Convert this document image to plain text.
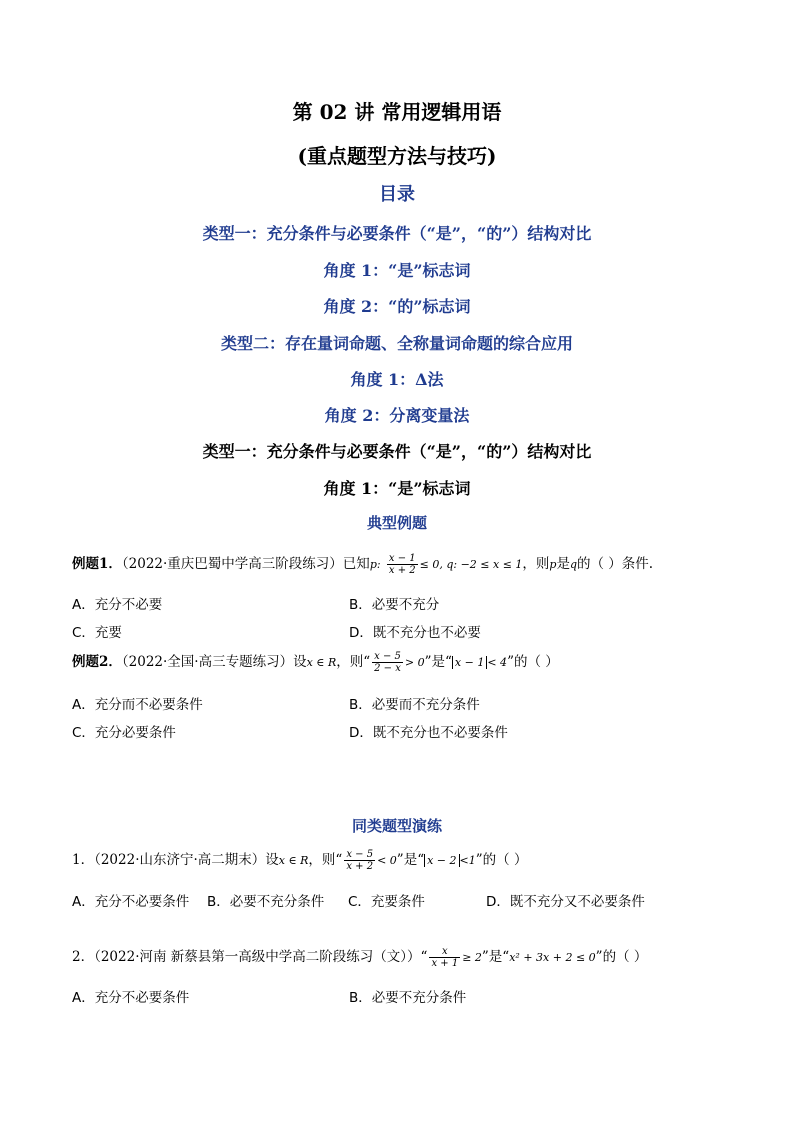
第 02 讲 常用逻辑用语
(重点题型方法与技巧)
目录
类型一：充分条件与必要条件（“是”，“的”）结构对比
角度 1：“是”标志词
角度 2：“的”标志词
类型二：存在量词命题、全称量词命题的综合应用
角度 1：Δ法
角度 2：分离变量法
类型一：充分条件与必要条件（“是”，“的”）结构对比
角度 1：“是”标志词
典型例题
例题1．（2022·重庆巴蜀中学高三阶段练习）已知p: $\frac{x - 1}{x + 2} \le 0$, q: −2 ≤ x ≤ 1，则p是q的（ ）条件.
A．充分不必要	B．必要不充分
C．充要	D．既不充分也不必要
例题2．（2022·全国·高三专题练习）设x ∈ R，则“ $\frac{x - 5}{2 - x} > 0$”是“ x − 1 < 4”的（ ）
A．充分而不必要条件	B．必要而不充分条件
C．充分必要条件	D．既不充分也不必要条件
同类题型演练
1．（2022·山东济宁·高二期末）设x ∈ R，则“ $\frac{x - 5}{x + 2} < 0$”是“ x − 2 <1”的（ ）
A．充分不必要条件 B．必要不充分条件 C．充要条件	D．既不充分又不必要条件
2．（2022·河南 新蔡县第一高级中学高二阶段练习（文））“ $\frac{x}{x + 1} \ge 2$”是“x² + 3x + 2 ≤ 0”的（ ）
A．充分不必要条件	B．必要不充分条件
